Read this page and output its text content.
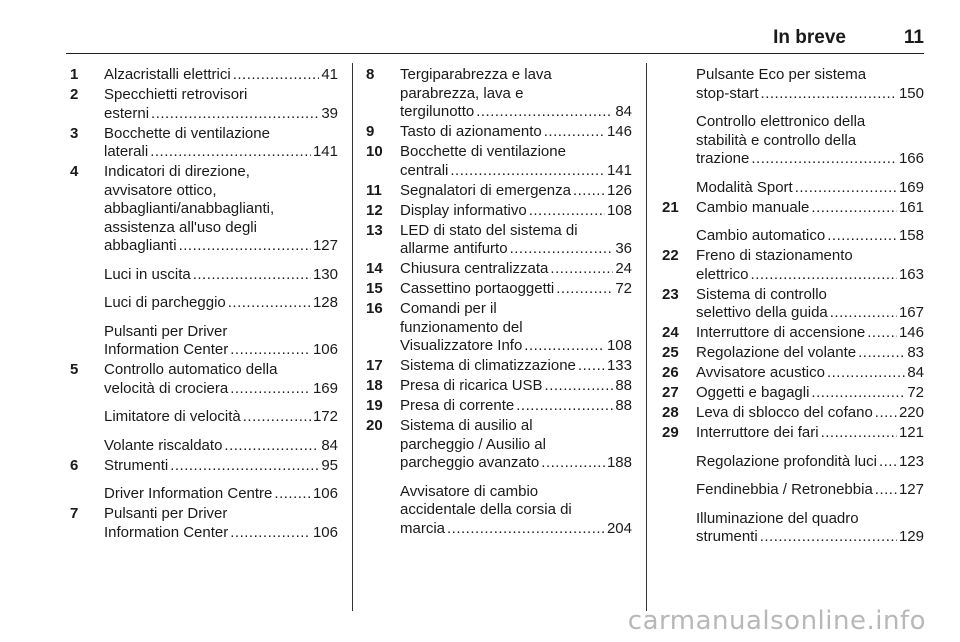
In breve	11
1	Alzacristalli elettrici .....	41
2	Specchietti retrovisori
esterni .....	39
3	Bocchette di ventilazione
laterali .....	141
4	Indicatori di direzione,
avvisatore ottico,
abbaglianti/anabbaglianti,
assistenza all'uso degli
abbaglianti .....	127
Luci in uscita .....	130
Luci di parcheggio .....	128
Pulsanti per Driver
Information Center .....	106
5	Controllo automatico della
velocità di crociera .....	169
Limitatore di velocità .....	172
Volante riscaldato .....	84
6	Strumenti .....	95
Driver Information Centre .....	106
7	Pulsanti per Driver
Information Center .....	106
8	Tergiparabrezza e lava
parabrezza, lava e
tergilunotto .....	84
9	Tasto di azionamento .....	146
10	Bocchette di ventilazione
centrali .....	141
11	Segnalatori di emergenza ..... 126
12	Display informativo .....	108
13	LED di stato del sistema di
allarme antifurto .....	36
14	Chiusura centralizzata .....	24
15	Cassettino portaoggetti .....	72
16	Comandi per il
funzionamento del
Visualizzatore Info .....	108
17	Sistema di climatizzazione ..... 133
18	Presa di ricarica USB .....	88
19	Presa di corrente .....	88
20	Sistema di ausilio al
parcheggio / Ausilio al
parcheggio avanzato .....	188
Avvisatore di cambio
accidentale della corsia di
marcia .....	204
Pulsante Eco per sistema
stop-start .....	150
Controllo elettronico della
stabilità e controllo della
trazione .....	166
Modalità Sport .....	169
21	Cambio manuale .....	161
Cambio automatico .....	158
22	Freno di stazionamento
elettrico .....	163
23	Sistema di controllo
selettivo della guida .....	167
24	Interruttore di accensione ..... 146
25	Regolazione del volante .....	83
26	Avvisatore acustico .....	84
27	Oggetti e bagagli .....	72
28	Leva di sblocco del cofano ..... 220
29	Interruttore dei fari .....	121
Regolazione profondità luci ..... 123
Fendinebbia / Retronebbia ..... 127
Illuminazione del quadro
strumenti .....	129
carmanualsonline.info
